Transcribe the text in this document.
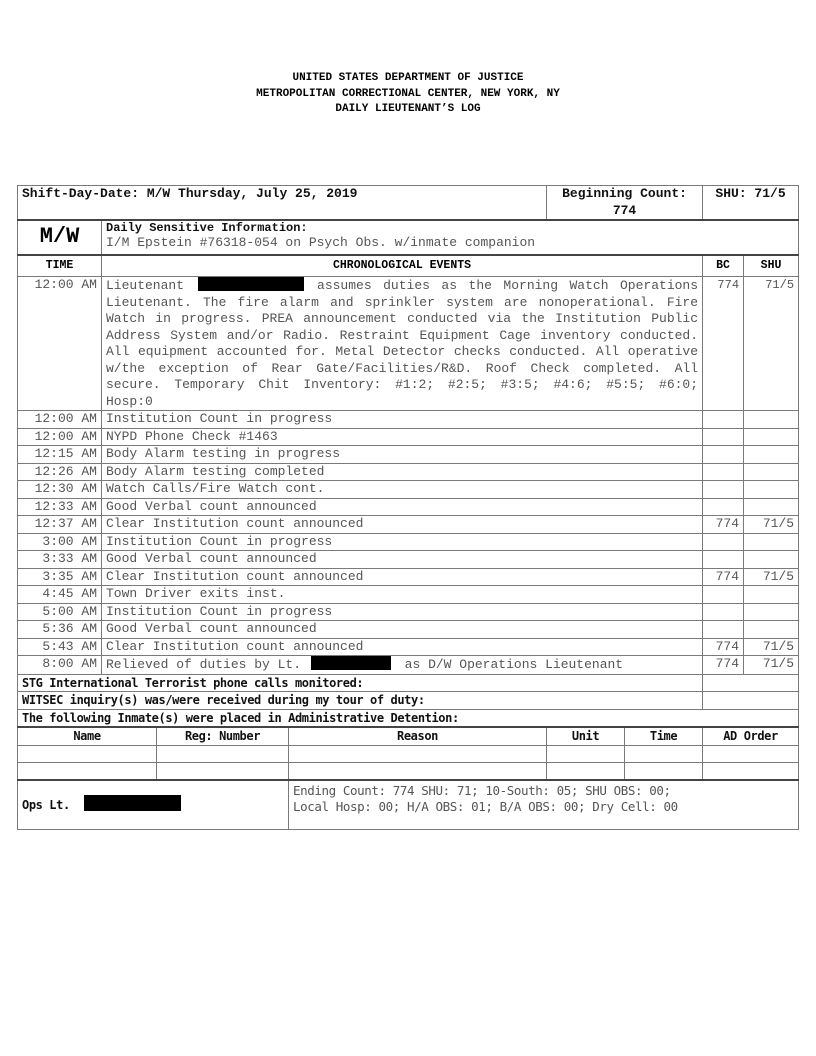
UNITED STATES DEPARTMENT OF JUSTICE
METROPOLITAN CORRECTIONAL CENTER, NEW YORK, NY
DAILY LIEUTENANT’S LOG
Shift-Day-Date: M/W Thursday, July 25, 2019				Beginning Count: 774		SHU: 71/5	
M/W	Daily Sensitive Information:
I/M Epstein #76318-054 on Psych Obs. w/inmate companion						

TIME	CHRONOLOGICAL EVENTS					BC	SHU
12:00 AM	Lieutenant assumes duties as the Morning Watch Operations Lieutenant. The fire alarm and sprinkler system are nonoperational. Fire Watch in progress. PREA announcement conducted via the Institution Public Address System and/or Radio. Restraint Equipment Cage inventory conducted. All equipment accounted for. Metal Detector checks conducted. All operative w/the exception of Rear Gate/Facilities/R&D. Roof Check completed. All secure. Temporary Chit Inventory: #1:2; #2:5; #3:5; #4:6; #5:5; #6:0; Hosp:0					774	71/5
12:00 AM	Institution Count in progress						
12:00 AM	NYPD Phone Check #1463						
12:15 AM	Body Alarm testing in progress						
12:26 AM	Body Alarm testing completed						
12:30 AM	Watch Calls/Fire Watch cont.						
12:33 AM	Good Verbal count announced						
12:37 AM	Clear Institution count announced					774	71/5
3:00 AM	Institution Count in progress						
3:33 AM	Good Verbal count announced						
3:35 AM	Clear Institution count announced					774	71/5
4:45 AM	Town Driver exits inst.						
5:00 AM	Institution Count in progress						
5:36 AM	Good Verbal count announced						
5:43 AM	Clear Institution count announced					774	71/5
8:00 AM	Relieved of duties by Lt. as D/W Operations Lieutenant					774	71/5
STG International Terrorist phone calls monitored:							
WITSEC inquiry(s) was/were received during my tour of duty:							
The following Inmate(s) were placed in Administrative Detention:							
Name		Reg: Number	Reason	Unit	Time	AD Order	

Ops Lt.			Ending Count: 774 SHU: 71; 10-South: 05; SHU OBS: 00;
Local Hosp: 00; H/A OBS: 01; B/A OBS: 00; Dry Cell: 00				
